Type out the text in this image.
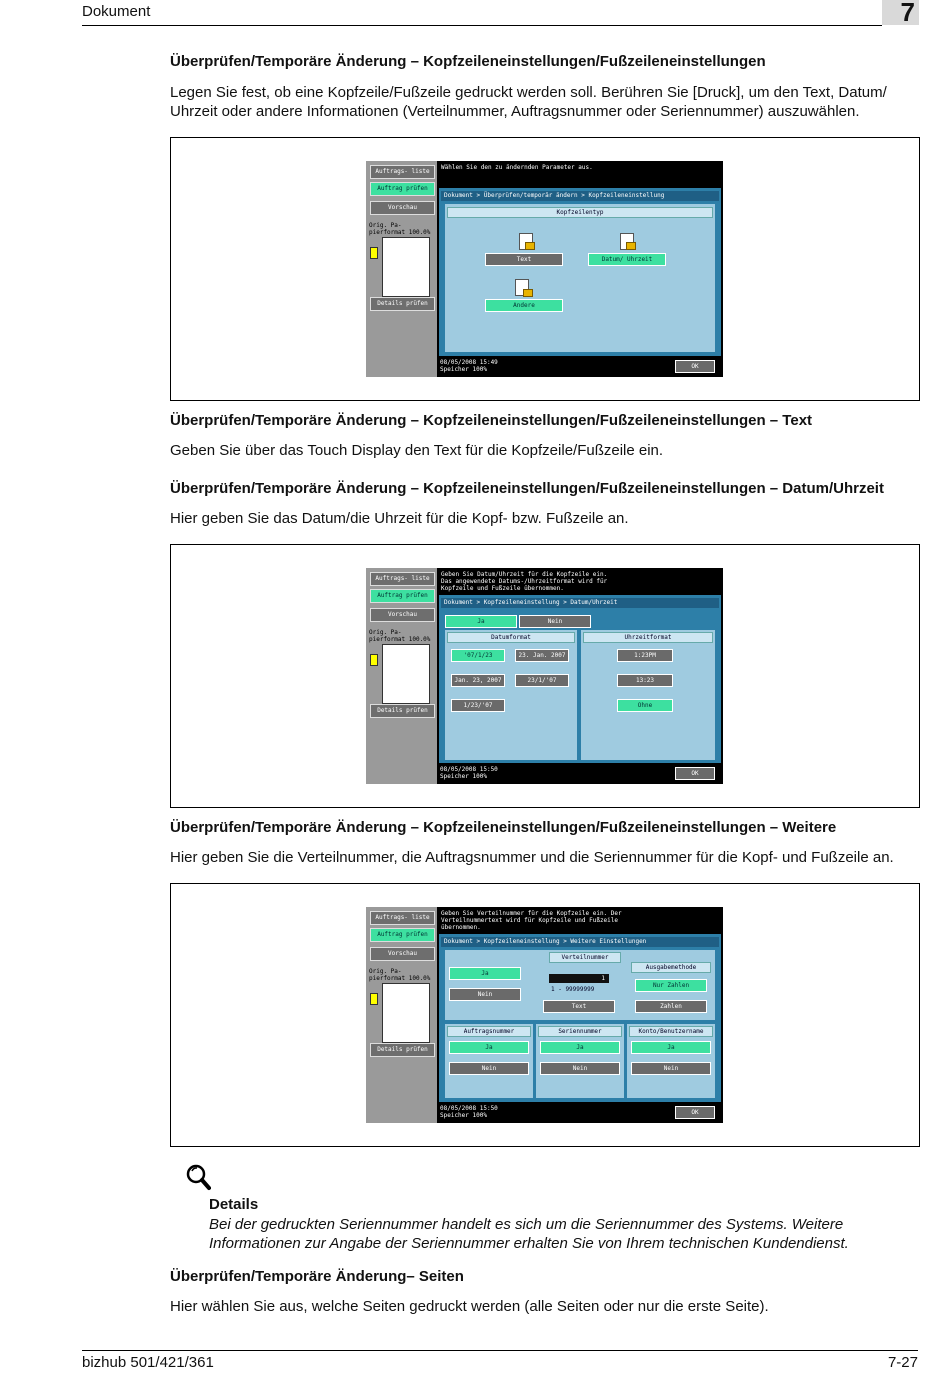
Dokument	7
Überprüfen/Temporäre Änderung – Kopfzeileneinstellungen/Fußzeileneinstellungen
Legen Sie fest, ob eine Kopfzeile/Fußzeile gedruckt werden soll. Berühren Sie [Druck], um den Text, Datum/
Uhrzeit oder andere Informationen (Verteilnummer, Auftragsnummer oder Seriennummer) auszuwählen.
Auftrags- liste
Auftrag prüfen
Vorschau
Orig. Pa- pierformat 100.0%
Details prüfen
Wählen Sie den zu ändernden Parameter aus.
Dokument > Überprüfen/temporär ändern > Kopfzeileneinstellung
Kopfzeilentyp
Text	Datum/ Uhrzeit
Andere
08/05/2008 15:49
Speicher 100%	OK
Überprüfen/Temporäre Änderung – Kopfzeileneinstellungen/Fußzeileneinstellungen – Text
Geben Sie über das Touch Display den Text für die Kopfzeile/Fußzeile ein.
Überprüfen/Temporäre Änderung – Kopfzeileneinstellungen/Fußzeileneinstellungen – Datum/Uhrzeit
Hier geben Sie das Datum/die Uhrzeit für die Kopf- bzw. Fußzeile an.
Auftrags- liste
Auftrag prüfen
Vorschau
Orig. Pa- pierformat 100.0%
Details prüfen
Geben Sie Datum/Uhrzeit für die Kopfzeile ein.
Das angewendete Datums-/Uhrzeitformat wird für
Kopfzeile und Fußzeile übernommen.
Dokument > Kopfzeileneinstellung > Datum/Uhrzeit
Ja	Nein
Datumformat
'07/1/23	23. Jan. 2007
Jan. 23, 2007	23/1/'07
1/23/'07
Uhrzeitformat
1:23PM
13:23
Ohne
08/05/2008 15:50
Speicher 100%	OK
Überprüfen/Temporäre Änderung – Kopfzeileneinstellungen/Fußzeileneinstellungen – Weitere
Hier geben Sie die Verteilnummer, die Auftragsnummer und die Seriennummer für die Kopf- und Fußzeile an.
Auftrags- liste
Auftrag prüfen
Vorschau
Orig. Pa- pierformat 100.0%
Details prüfen
Geben Sie Verteilnummer für die Kopfzeile ein. Der
Verteilnummertext wird für Kopfzeile und Fußzeile
übernommen.
Dokument > Kopfzeileneinstellung > Weitere Einstellungen
Verteilnummer
Ja
Nein
1
1 - 99999999
Text
Ausgabemethode
Nur Zahlen
Zahlen
Auftragsnummer
Ja
Nein
Seriennummer
Ja
Nein
Konto/Benutzername
Ja
Nein
08/05/2008 15:50
Speicher 100%	OK
Details
Bei der gedruckten Seriennummer handelt es sich um die Seriennummer des Systems. Weitere Informationen zur Angabe der Seriennummer erhalten Sie von Ihrem technischen Kundendienst.
Überprüfen/Temporäre Änderung– Seiten
Hier wählen Sie aus, welche Seiten gedruckt werden (alle Seiten oder nur die erste Seite).
bizhub 501/421/361	7-27
